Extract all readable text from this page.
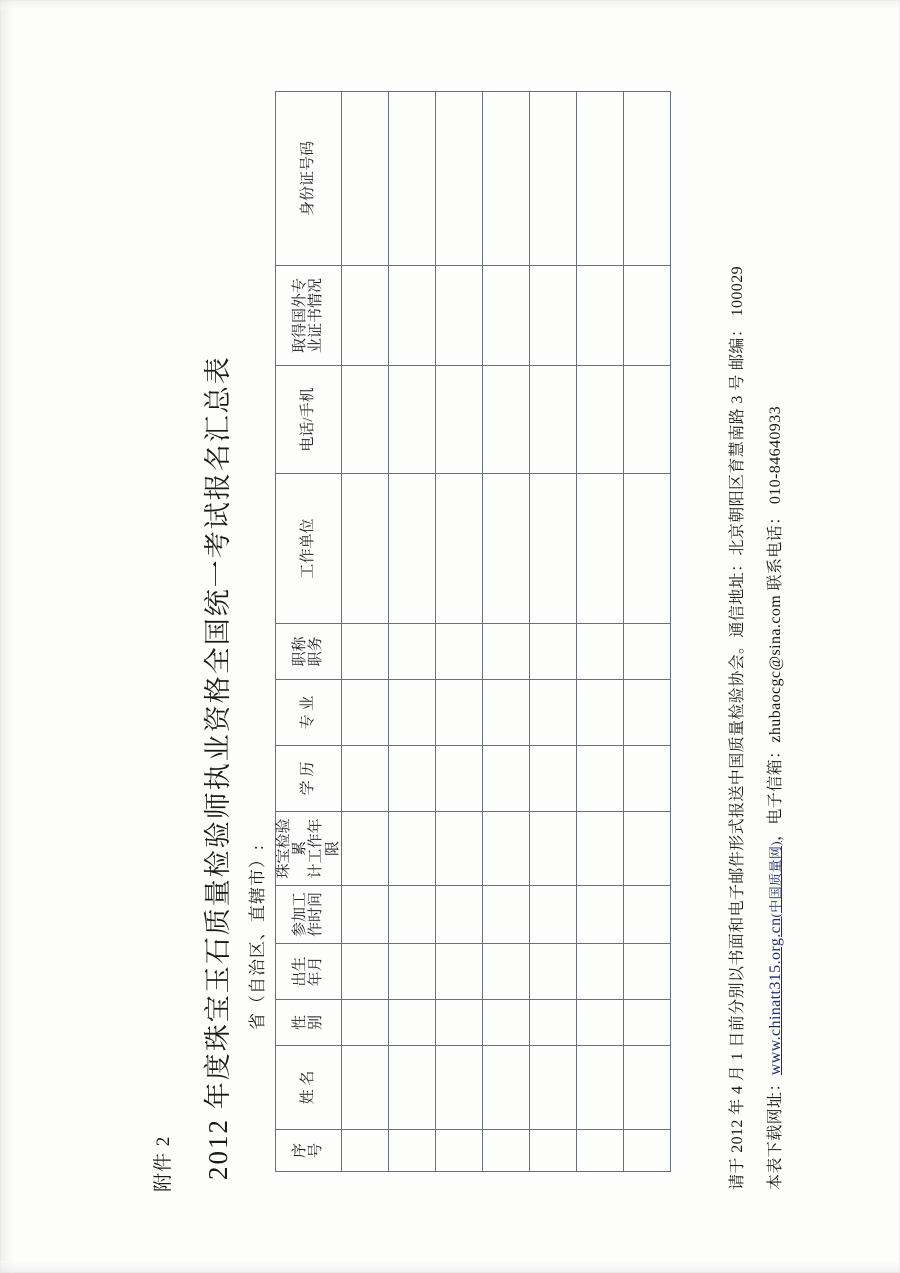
附件 2 2012 年度珠宝玉石质量检验师执业资格全国统一考试报名汇总表 省（自治区、直辖市）:
序 号	姓 名	性 别	出生 年月	参加工 作时间	珠宝检验累 计工作年限	学 历	专 业	职称 职务	工作单位	电话/手机	取得国外专 业证书情况	身份证号码

请于 2012 年 4 月 1 日前分别以书面和电子邮件形式报送中国质量检验协会。通信地址：北京朝阳区育慧南路 3 号 邮编： 100029	本表下载网址：www.chinatt315.org.cn(中国质量网)，电子信箱：zhubaocgc@sina.com 联系电话： 010-84640933
